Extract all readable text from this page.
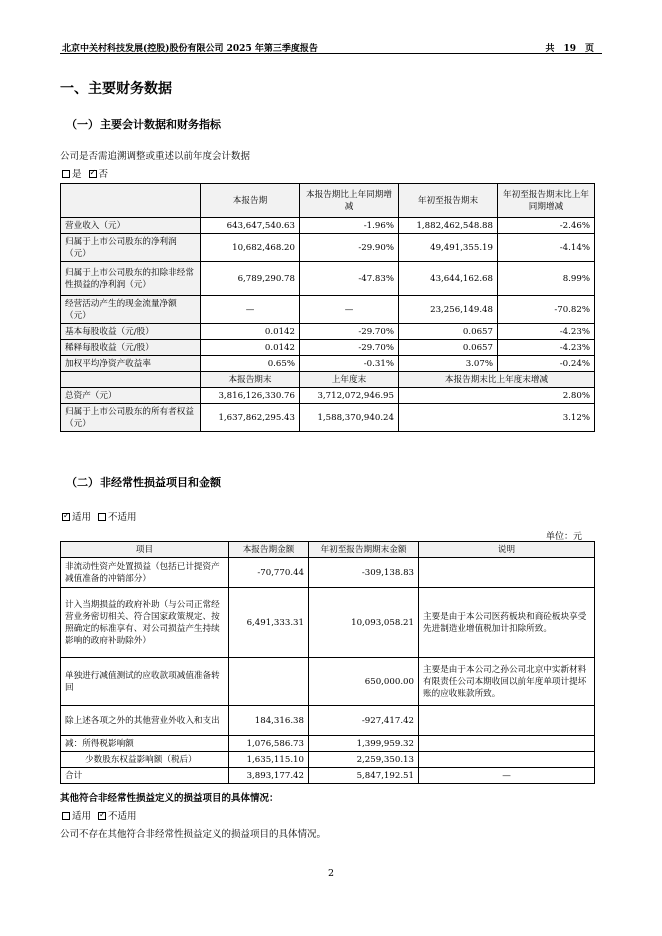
北京中关村科技发展(控股)股份有限公司 2025 年第三季度报告	共　19　页
一、主要财务数据
（一）主要会计数据和财务指标
公司是否需追溯调整或重述以前年度会计数据
是 ✓ 否
	本报告期	本报告期比上年同期增减	年初至报告期末	年初至报告期末比上年同期增减
营业收入（元）	643,647,540.63	-1.96%	1,882,462,548.88	-2.46%
归属于上市公司股东的净利润（元）	10,682,468.20	-29.90%	49,491,355.19	-4.14%
归属于上市公司股东的扣除非经常性损益的净利润（元）	6,789,290.78	-47.83%	43,644,162.68	8.99%
经营活动产生的现金流量净额（元）	—	—	23,256,149.48	-70.82%
基本每股收益（元/股）	0.0142	-29.70%	0.0657	-4.23%
稀释每股收益（元/股）	0.0142	-29.70%	0.0657	-4.23%
加权平均净资产收益率	0.65%	-0.31%	3.07%	-0.24%
	本报告期末	上年度末	本报告期末比上年度末增减	
总资产（元）	3,816,126,330.76	3,712,072,946.95	2.80%	
归属于上市公司股东的所有者权益（元）	1,637,862,295.43	1,588,370,940.24	3.12%	
（二）非经常性损益项目和金额
✓适用 不适用
单位：元
项目	本报告期金额	年初至报告期期末金额	说明
非流动性资产处置损益（包括已计提资产减值准备的冲销部分）	-70,770.44	-309,138.83	
计入当期损益的政府补助（与公司正常经营业务密切相关、符合国家政策规定、按照确定的标准享有、对公司损益产生持续影响的政府补助除外）	6,491,333.31	10,093,058.21	主要是由于本公司医药板块和商砼板块享受先进制造业增值税加计扣除所致。
单独进行减值测试的应收款项减值准备转回		650,000.00	主要是由于本公司之孙公司北京中实新材料有限责任公司本期收回以前年度单项计提坏账的应收账款所致。
除上述各项之外的其他营业外收入和支出	184,316.38	-927,417.42	
减：所得税影响额	1,076,586.73	1,399,959.32	
少数股东权益影响额（税后）	1,635,115.10	2,259,350.13	
合计	3,893,177.42	5,847,192.51	—
其他符合非经常性损益定义的损益项目的具体情况：
适用 ✓ 不适用
公司不存在其他符合非经常性损益定义的损益项目的具体情况。
2
